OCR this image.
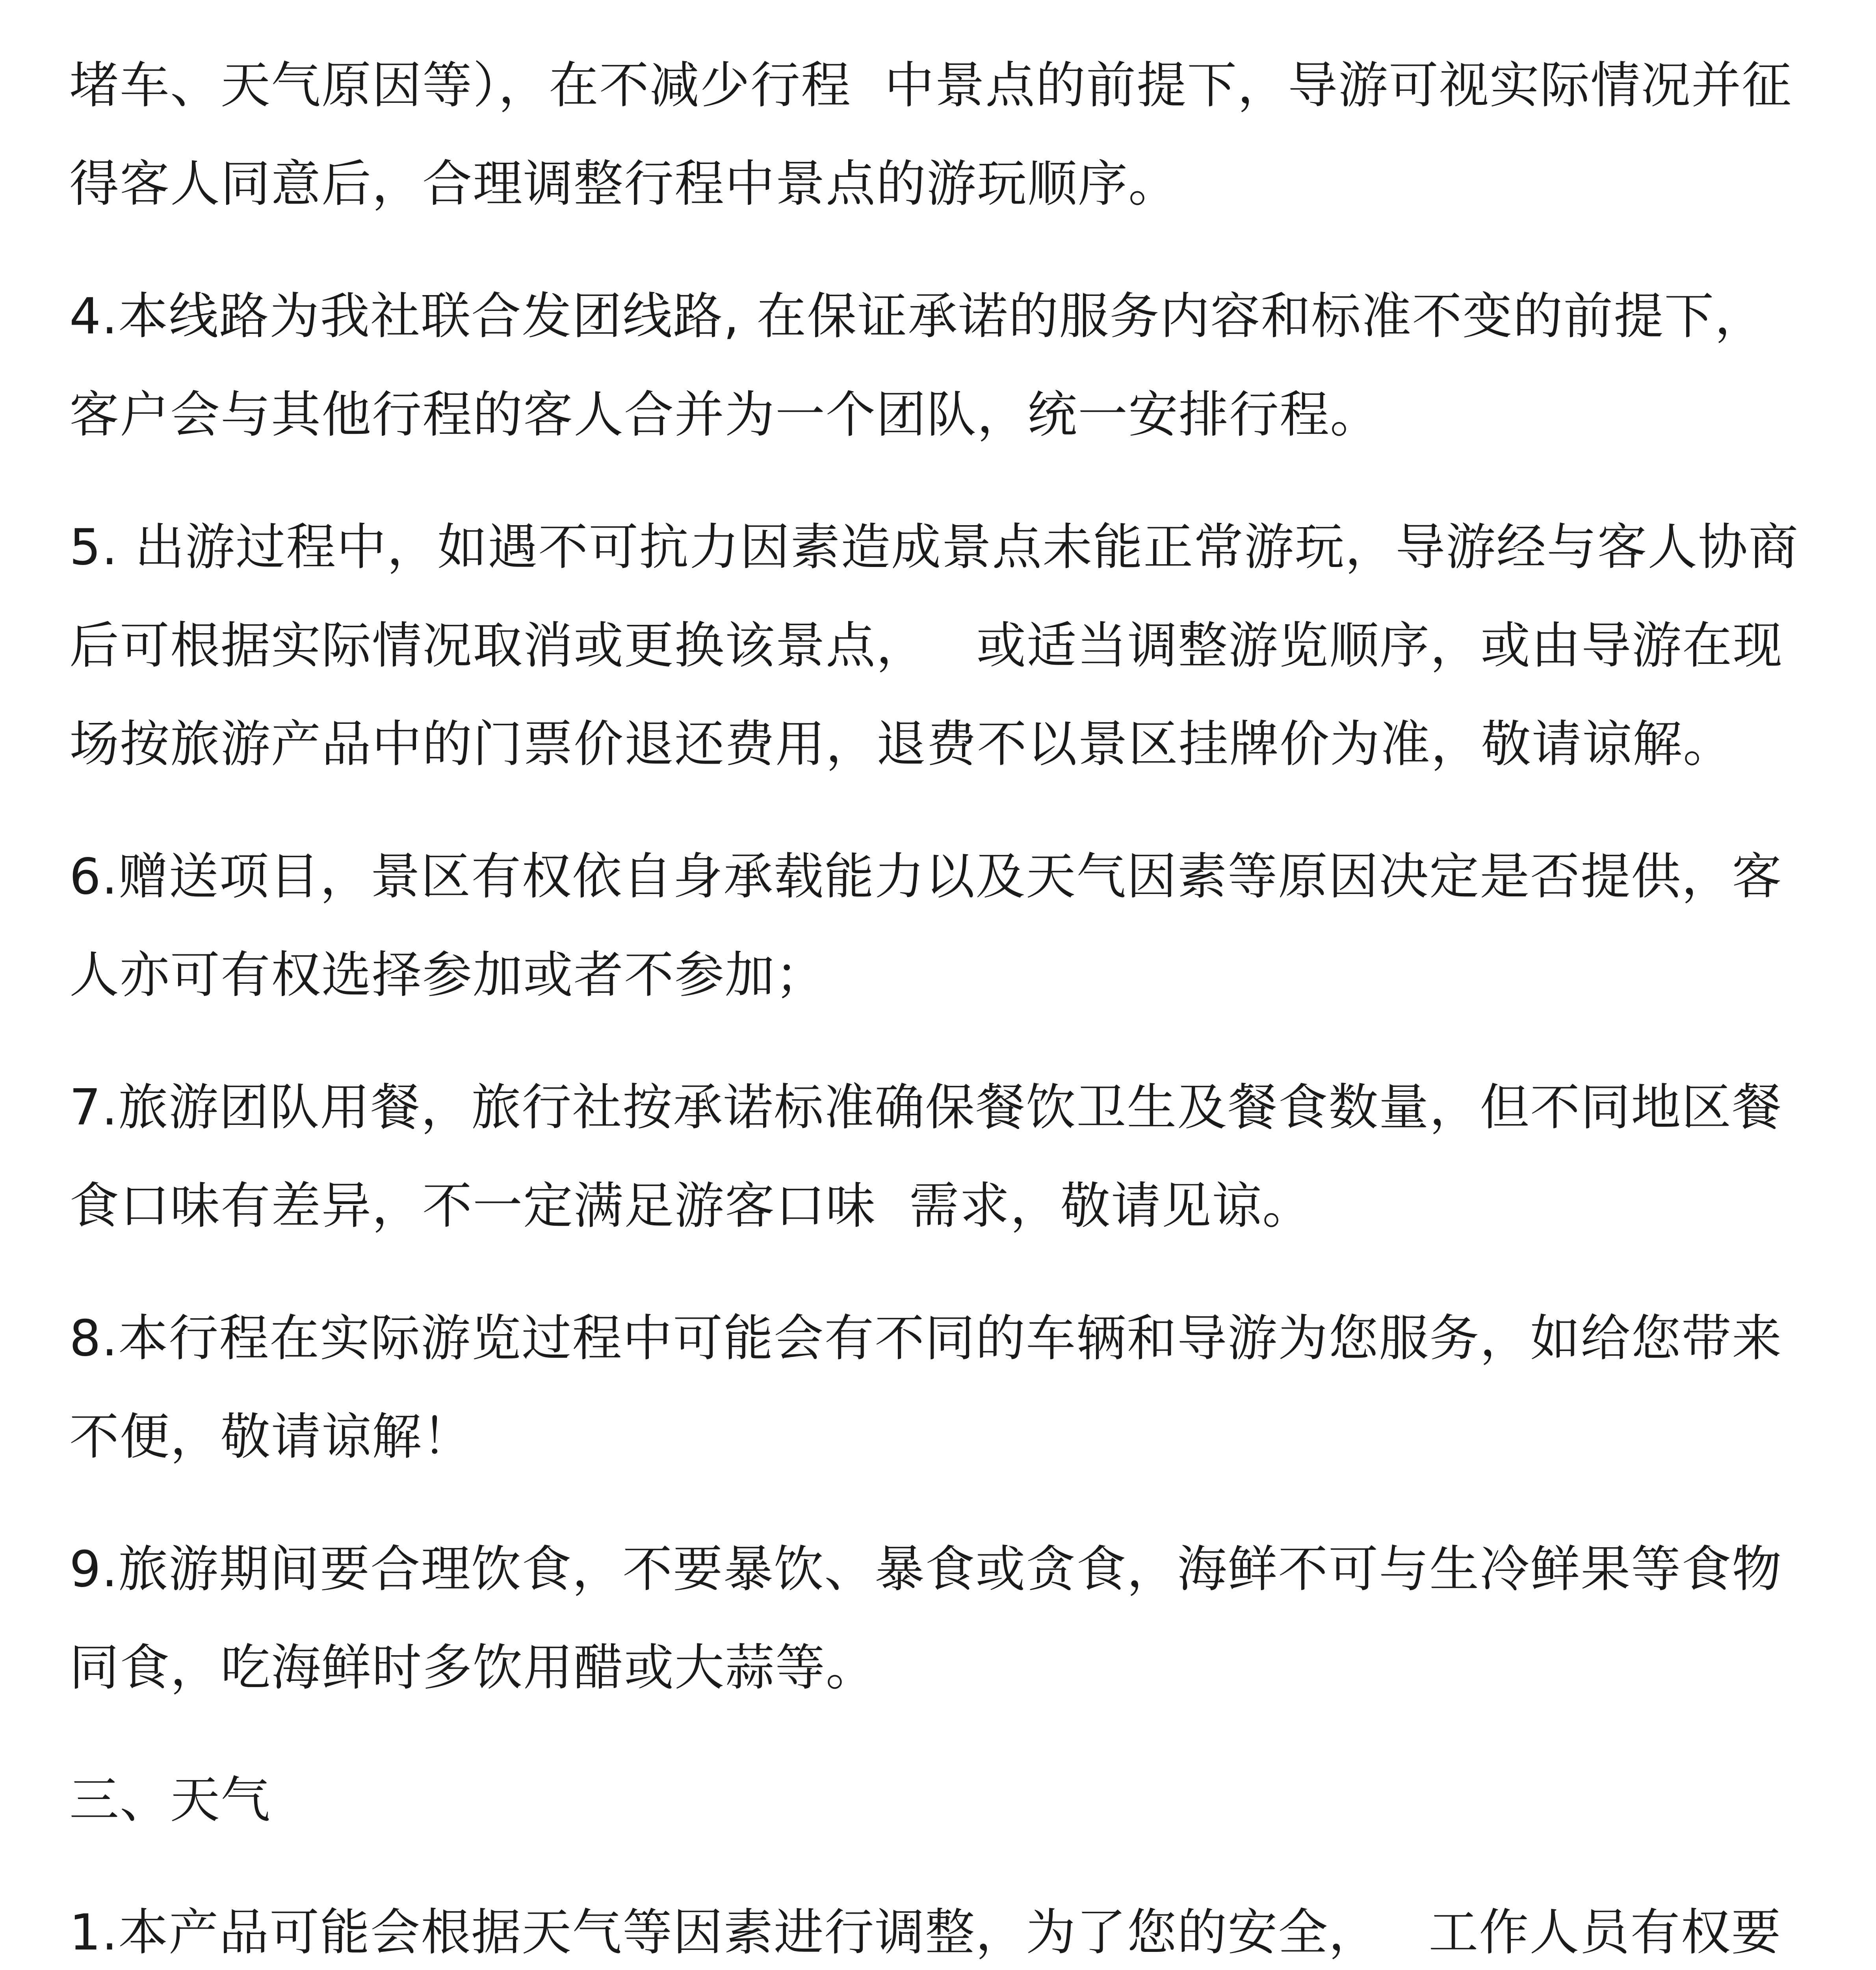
堵车、天气原因等），在不减少行程  中景点的前提下，导游可视实际情况并征得客人同意后，合理调整行程中景点的游玩顺序。

4.本线路为我社联合发团线路, 在保证承诺的服务内容和标准不变的前提下， 客户会与其他行程的客人合并为一个团队，统一安排行程。

5. 出游过程中，如遇不可抗力因素造成景点未能正常游玩，导游经与客人协商后可根据实际情况取消或更换该景点，   或适当调整游览顺序，或由导游在现场按旅游产品中的门票价退还费用，退费不以景区挂牌价为准，敬请谅解。

6.赠送项目，景区有权依自身承载能力以及天气因素等原因决定是否提供，客人亦可有权选择参加或者不参加；

7.旅游团队用餐，旅行社按承诺标准确保餐饮卫生及餐食数量，但不同地区餐食口味有差异，不一定满足游客口味  需求，敬请见谅。

8.本行程在实际游览过程中可能会有不同的车辆和导游为您服务，如给您带来不便，敬请谅解！

9.旅游期间要合理饮食，不要暴饮、暴食或贪食，海鲜不可与生冷鲜果等食物同食，吃海鲜时多饮用醋或大蒜等。

三、天气

1.本产品可能会根据天气等因素进行调整，为了您的安全，   工作人员有权要
